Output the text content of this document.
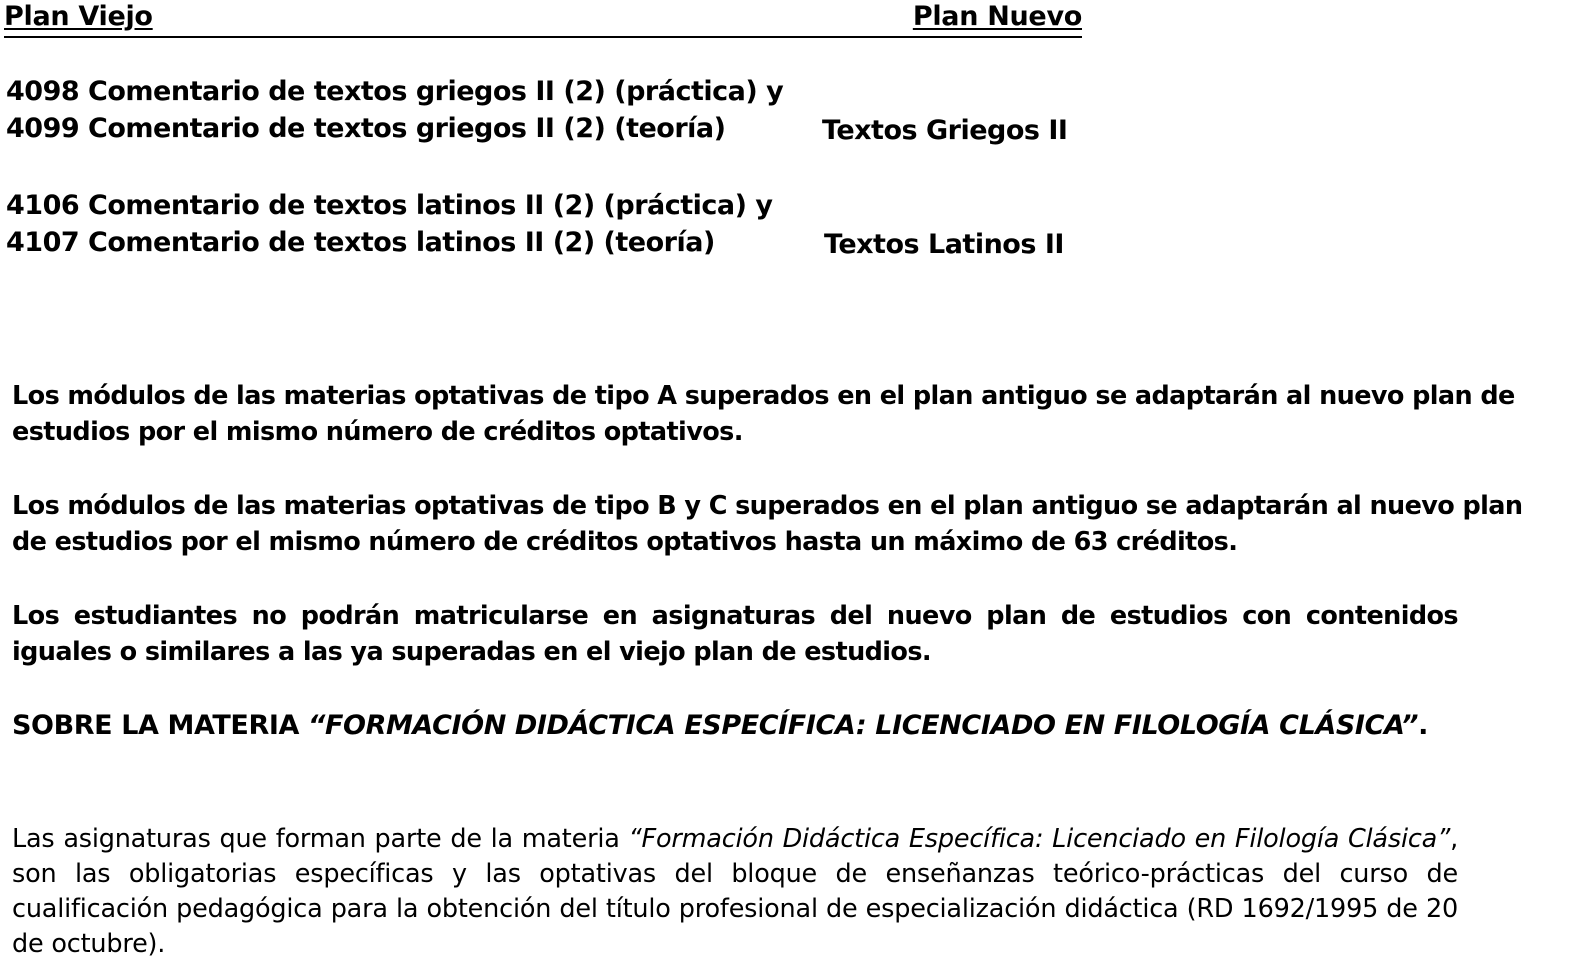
Plan Viejo	Plan Nuevo
4098 Comentario de textos griegos II (2) (práctica) y
4099 Comentario de textos griegos II (2) (teoría)	Textos Griegos II
4106 Comentario de textos latinos II (2) (práctica) y
4107 Comentario de textos latinos II (2) (teoría)	Textos Latinos II
Los módulos de las materias optativas de tipo A superados en el plan antiguo se adaptarán al nuevo plan de estudios por el mismo número de créditos optativos.
Los módulos de las materias optativas de tipo B y C superados en el plan antiguo se adaptarán al nuevo plan de estudios por el mismo número de créditos optativos hasta un máximo de 63 créditos.
Los estudiantes no podrán matricularse en asignaturas del nuevo plan de estudios con contenidos iguales o similares a las ya superadas en el viejo plan de estudios.
SOBRE LA MATERIA “FORMACIÓN DIDÁCTICA ESPECÍFICA: LICENCIADO EN FILOLOGÍA CLÁSICA”.
Las asignaturas que forman parte de la materia “Formación Didáctica Específica: Licenciado en Filología Clásica”, son las obligatorias específicas y las optativas del bloque de enseñanzas teórico-prácticas del curso de cualificación pedagógica para la obtención del título profesional de especialización didáctica (RD 1692/1995 de 20 de octubre).
